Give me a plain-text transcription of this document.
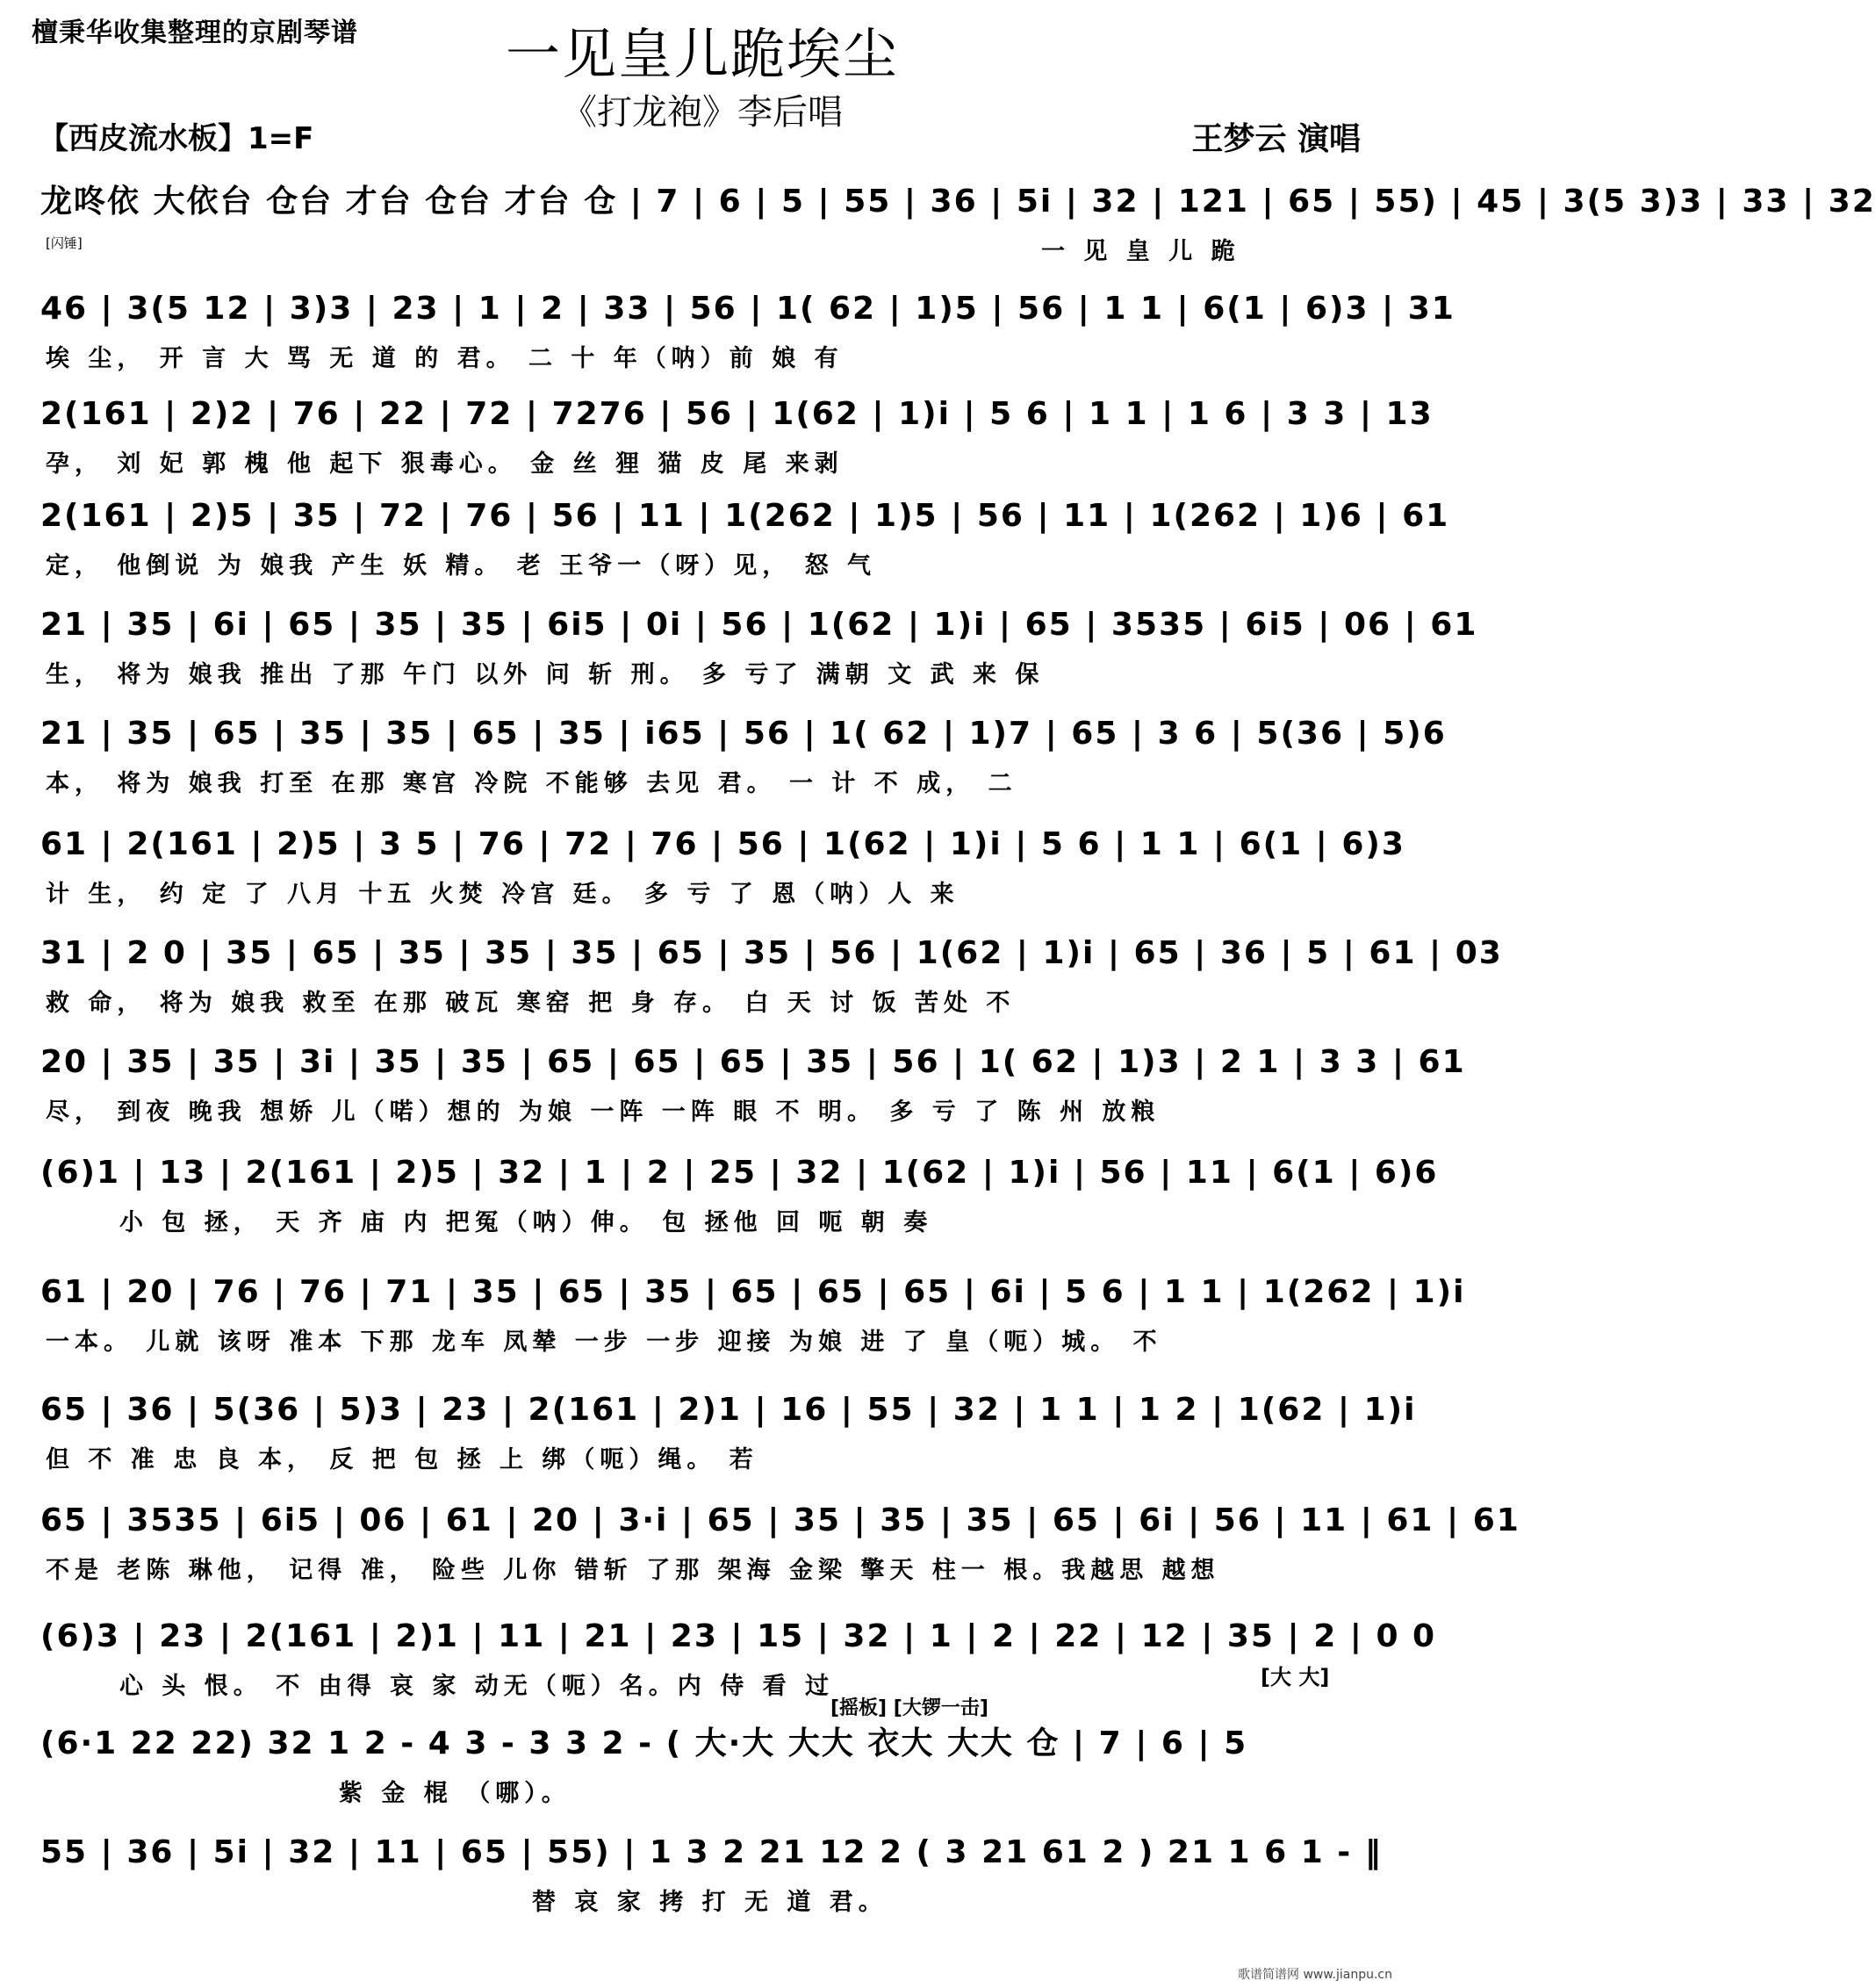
檀秉华收集整理的京剧琴谱	一见皇儿跪埃尘
《打龙袍》李后唱
【西皮流水板】1=F	王梦云 演唱
龙咚依 大依台 仓台 才台 仓台 才台 仓 | 7 | 6 | 5 | 55 | 36 | 5i | 32 | 121 | 65 | 55) | 45 | 3(5 3)3 | 33 | 32
[闪锤]	一 见 皇 儿 跪
46 | 3(5 12 | 3)3 | 23 | 1 | 2 | 33 | 56 | 1( 62 | 1)5 | 56 | 1 1 | 6(1 | 6)3 | 31
埃 尘， 开 言 大 骂 无 道 的 君。 二 十 年（呐）前 娘 有
2(161 | 2)2 | 76 | 22 | 72 | 7276 | 56 | 1(62 | 1)i | 5 6 | 1 1 | 1 6 | 3 3 | 13
孕， 刘 妃 郭 槐 他 起下 狠毒心。 金 丝 狸 猫 皮 尾 来剥
2(161 | 2)5 | 35 | 72 | 76 | 56 | 11 | 1(262 | 1)5 | 56 | 11 | 1(262 | 1)6 | 61
定， 他倒说 为 娘我 产生 妖 精。 老 王爷一（呀）见， 怒 气
21 | 35 | 6i | 65 | 35 | 35 | 6i5 | 0i | 56 | 1(62 | 1)i | 65 | 3535 | 6i5 | 06 | 61
生， 将为 娘我 推出 了那 午门 以外 问 斩 刑。 多 亏了 满朝 文 武 来 保
21 | 35 | 65 | 35 | 35 | 65 | 35 | i65 | 56 | 1( 62 | 1)7 | 65 | 3 6 | 5(36 | 5)6
本， 将为 娘我 打至 在那 寒宫 冷院 不能够 去见 君。 一 计 不 成， 二
61 | 2(161 | 2)5 | 3 5 | 76 | 72 | 76 | 56 | 1(62 | 1)i | 5 6 | 1 1 | 6(1 | 6)3
计 生， 约 定 了 八月 十五 火焚 冷宫 廷。 多 亏 了 恩（呐）人 来
31 | 2 0 | 35 | 65 | 35 | 35 | 35 | 65 | 35 | 56 | 1(62 | 1)i | 65 | 36 | 5 | 61 | 03
救 命， 将为 娘我 救至 在那 破瓦 寒窑 把 身 存。 白 天 讨 饭 苦处 不
20 | 35 | 35 | 3i | 35 | 35 | 65 | 65 | 65 | 35 | 56 | 1( 62 | 1)3 | 2 1 | 3 3 | 61
尽， 到夜 晚我 想娇 儿（喏）想的 为娘 一阵 一阵 眼 不 明。 多 亏 了 陈 州 放粮
(6)1 | 13 | 2(161 | 2)5 | 32 | 1 | 2 | 25 | 32 | 1(62 | 1)i | 56 | 11 | 6(1 | 6)6
小 包 拯， 天 齐 庙 内 把冤（呐）伸。 包 拯他 回 呃 朝 奏
61 | 20 | 76 | 76 | 71 | 35 | 65 | 35 | 65 | 65 | 65 | 6i | 5 6 | 1 1 | 1(262 | 1)i
一本。 儿就 该呀 准本 下那 龙车 凤辇 一步 一步 迎接 为娘 进 了 皇（呃）城。 不
65 | 36 | 5(36 | 5)3 | 23 | 2(161 | 2)1 | 16 | 55 | 32 | 1 1 | 1 2 | 1(62 | 1)i
但 不 准 忠 良 本， 反 把 包 拯 上 绑（呃）绳。 若
65 | 3535 | 6i5 | 06 | 61 | 20 | 3·i | 65 | 35 | 35 | 35 | 65 | 6i | 56 | 11 | 61 | 61
不是 老陈 琳他， 记得 准， 险些 儿你 错斩 了那 架海 金梁 擎天 柱一 根。我越思 越想
(6)3 | 23 | 2(161 | 2)1 | 11 | 21 | 23 | 15 | 32 | 1 | 2 | 22 | 12 | 35 | 2 | 0 0
[大 大]
心 头 恨。 不 由得 哀 家 动无（呃）名。内 侍 看 过
(6·1 22 22) 32 1 2 - 4 3 - 3 3 2 - ( 大·大 大大 衣大 大大 仓 | 7 | 6 | 5
[摇板] [大锣一击]
紫 金 棍 （哪）。
55 | 36 | 5i | 32 | 11 | 65 | 55) | 1 3 2 21 12 2 ( 3 21 61 2 ) 21 1 6 1 - ‖
替 哀 家 拷 打 无 道 君。
歌谱简谱网 www.jianpu.cn
